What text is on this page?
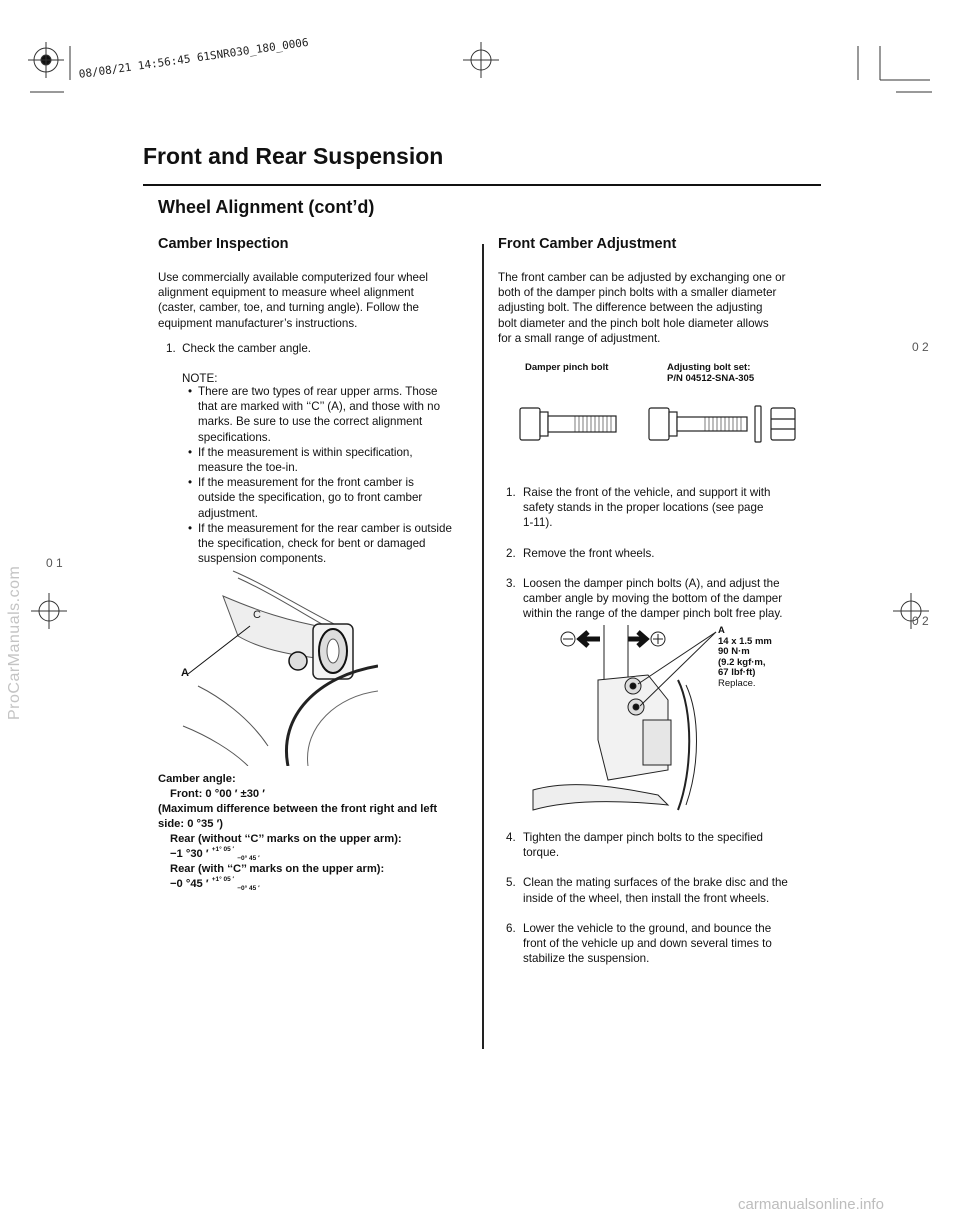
08/08/21 14:56:45 61SNR030_180_0006
Front and Rear Suspension
Wheel Alignment (cont’d)
Camber Inspection
Use commercially available computerized four wheel
alignment equipment to measure wheel alignment
(caster, camber, toe, and turning angle). Follow the
equipment manufacturer’s instructions.
1. Check the camber angle.
NOTE:
• There are two types of rear upper arms. Those
that are marked with ‘‘C’’ (A), and those with no
marks. Be sure to use the correct alignment
specifications.
• If the measurement is within specification,
measure the toe-in.
• If the measurement for the front camber is
outside the specification, go to front camber
adjustment.
• If the measurement for the rear camber is outside
the specification, check for bent or damaged
suspension components.
A
C
Camber angle:
Front: 0 °00 ′ ±30 ′
(Maximum difference between the front right and left
side: 0 °35 ′)
Rear (without ‘‘C’’ marks on the upper arm):
−1 °30 ′ $^{+1^\circ 05 '}$ $_{-0^\circ 45 '}$
Rear (with ‘‘C’’ marks on the upper arm):
−0 °45 ′ $^{+1^\circ 05 '}$ $_{-0^\circ 45 '}$
Front Camber Adjustment
The front camber can be adjusted by exchanging one or
both of the damper pinch bolts with a smaller diameter
adjusting bolt. The difference between the adjusting
bolt diameter and the pinch bolt hole diameter allows
for a small range of adjustment.
Damper pinch bolt	Adjusting bolt set:
P/N 04512-SNA-305
1. Raise the front of the vehicle, and support it with
safety stands in the proper locations (see page
1-11).
2. Remove the front wheels.
3. Loosen the damper pinch bolts (A), and adjust the
camber angle by moving the bottom of the damper
within the range of the damper pinch bolt free play.
A
14 x 1.5 mm
90 N·m
(9.2 kgf·m,
67 lbf·ft)
Replace.
4. Tighten the damper pinch bolts to the specified
torque.
5. Clean the mating surfaces of the brake disc and the
inside of the wheel, then install the front wheels.
6. Lower the vehicle to the ground, and bounce the
front of the vehicle up and down several times to
stabilize the suspension.
0 2
0 1
0 2
ProCarManuals.com
carmanualsonline.info
